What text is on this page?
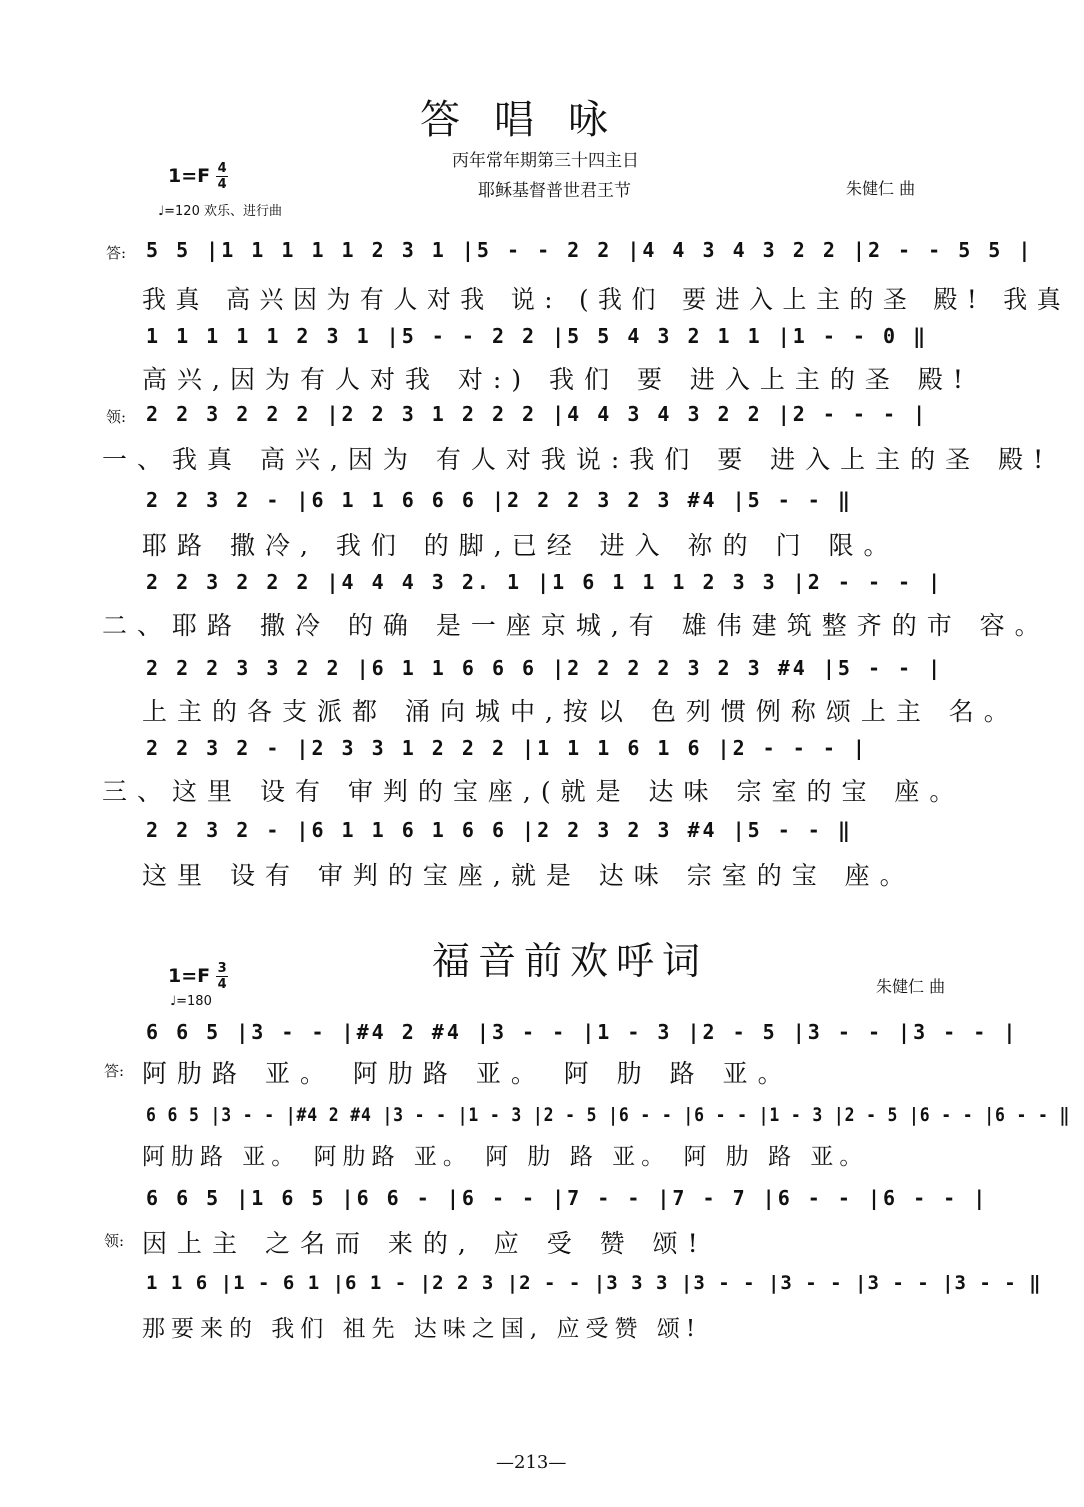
答唱咏
丙年常年期第三十四主日
耶稣基督普世君王节
$1=F \frac{4}{4}$
♩=120 欢乐、进行曲
朱健仁 曲
答: 5 5 |1 1 1 1 1 2 3 1 |5 - - 2 2 |4 4 3 4 3 2 2 |2 - - 5 5 |
我真 高兴因为有人对我 说: (我们 要进入上主的圣 殿! 我真
1 1 1 1 1 2 3 1 |5 - - 2 2 |5 5 4 3 2 1 1 |1 - - 0 ‖
高兴,因为有人对我 对:) 我们 要 进入上主的圣 殿!
领: 2 2 3 2 2 2 |2 2 3 1 2 2 2 |4 4 3 4 3 2 2 |2 - - - |
一、我真 高兴,因为 有人对我说:我们 要 进入上主的圣 殿!
2 2 3 2 - |6 1 1 6 6 6 |2 2 2 3 2 3 #4 |5 - - ‖
耶路 撒冷, 我们 的脚,已经 进入 祢的 门 限。
2 2 3 2 2 2 |4 4 4 3 2. 1 |1 6 1 1 1 2 3 3 |2 - - - |
二、耶路 撒冷 的确 是一座京城,有 雄伟建筑整齐的市 容。
2 2 2 3 3 2 2 |6 1 1 6 6 6 |2 2 2 2 3 2 3 #4 |5 - - |
上主的各支派都 涌向城中,按以 色列惯例称颂上主 名。
2 2 3 2 - |2 3 3 1 2 2 2 |1 1 1 6 1 6 |2 - - - |
三、这里 设有 审判的宝座,(就是 达味 宗室的宝 座。
2 2 3 2 - |6 1 1 6 1 6 6 |2 2 3 2 3 #4 |5 - - ‖
这里 设有 审判的宝座,就是 达味 宗室的宝 座。
福音前欢呼词
$1=F \frac{3}{4}$
♩=180
朱健仁 曲
6 6 5 |3 - - |#4 2 #4 |3 - - |1 - 3 |2 - 5 |3 - - |3 - - |
答: 阿肋路 亚。 阿肋路 亚。 阿 肋 路 亚。
6 6 5 |3 - - |#4 2 #4 |3 - - |1 - 3 |2 - 5 |6 - - |6 - - |1 - 3 |2 - 5 |6 - - |6 - - ‖
阿肋路 亚。 阿肋路 亚。 阿 肋 路 亚。 阿 肋 路 亚。
6 6 5 |1 6 5 |6 6 - |6 - - |7 - - |7 - 7 |6 - - |6 - - |
领: 因上主 之名而 来的, 应 受 赞 颂!
1 1 6 |1 - 6 1 |6 1 - |2 2 3 |2 - - |3 3 3 |3 - - |3 - - |3 - - |3 - - ‖
那要来的 我们 祖先 达味之国, 应受赞 颂!
—213—
